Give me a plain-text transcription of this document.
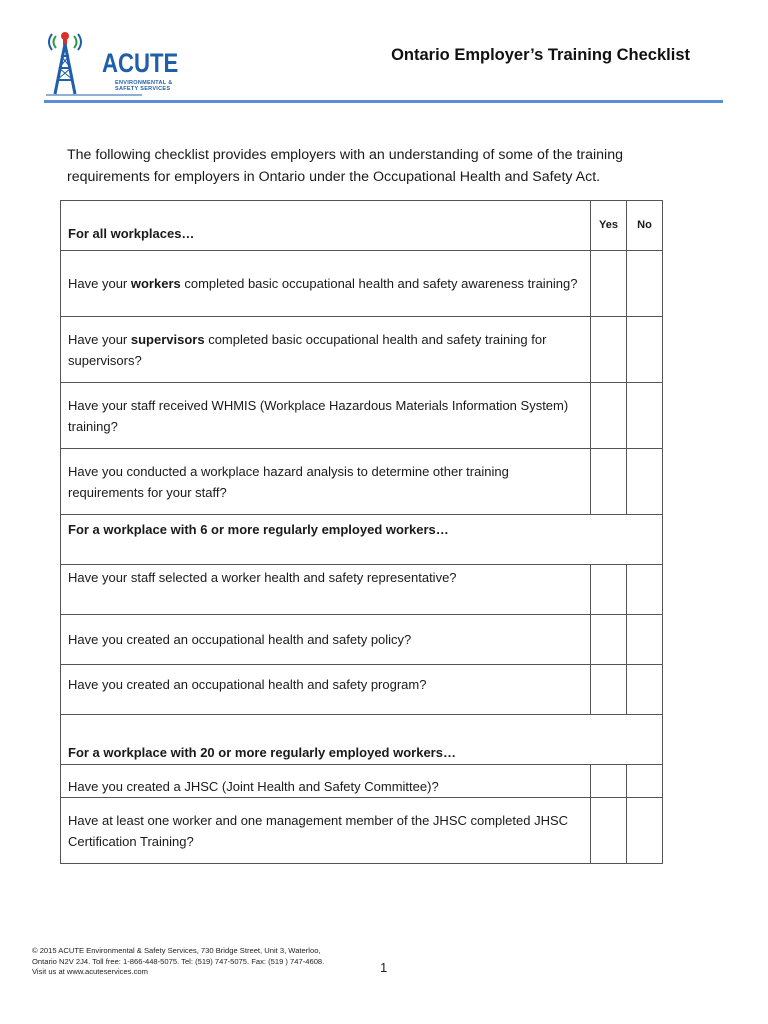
ACUTE
ENVIRONMENTAL &
SAFETY SERVICES
Ontario Employer’s Training Checklist
The following checklist provides employers with an understanding of some of the training requirements for employers in Ontario under the Occupational Health and Safety Act.
For all workplaces…	Yes	No
Have your workers completed basic occupational health and safety awareness training?		
Have your supervisors completed basic occupational health and safety training for supervisors?		
Have your staff received WHMIS (Workplace Hazardous Materials Information System) training?		
Have you conducted a workplace hazard analysis to determine other training requirements for your staff?		
For a workplace with 6 or more regularly employed workers…		
Have your staff selected a worker health and safety representative?		
Have you created an occupational health and safety policy?		
Have you created an occupational health and safety program?		
For a workplace with 20 or more regularly employed workers…		
Have you created a JHSC (Joint Health and Safety Committee)?		
Have at least one worker and one management member of the JHSC completed JHSC Certification Training?		
© 2015 ACUTE Environmental & Safety Services, 730 Bridge Street, Unit 3, Waterloo, Ontario N2V 2J4. Toll free: 1-866-448-5075. Tel: (519) 747-5075. Fax: (519 ) 747-4608. Visit us at www.acuteservices.com	1
